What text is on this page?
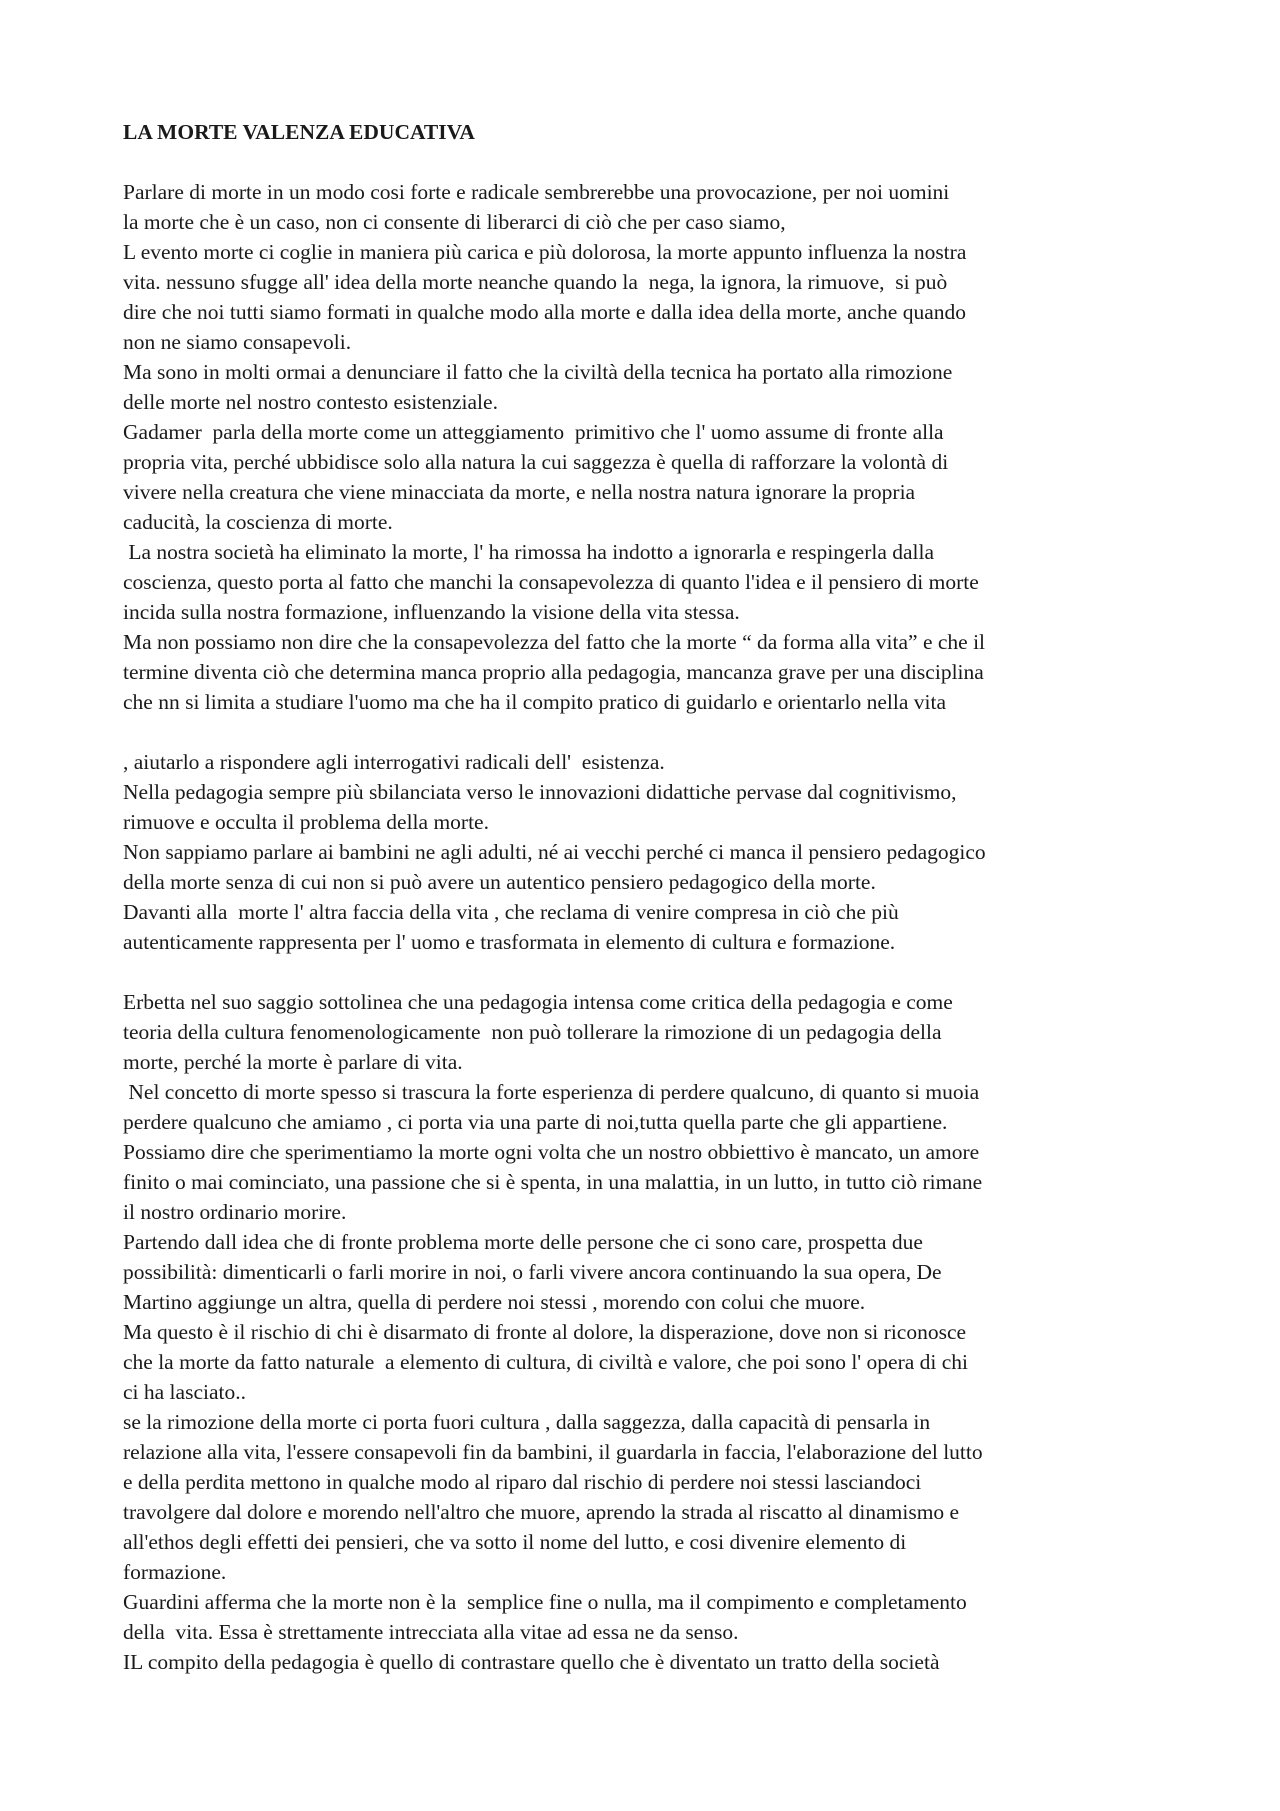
LA MORTE VALENZA EDUCATIVA
Parlare di morte in un modo cosi forte e radicale sembrerebbe una provocazione, per noi uomini
la morte che è un caso, non ci consente di liberarci di ciò che per caso siamo,
L evento morte ci coglie in maniera più carica e più dolorosa, la morte appunto influenza la nostra
vita. nessuno sfugge all' idea della morte neanche quando la  nega, la ignora, la rimuove,  si può
dire che noi tutti siamo formati in qualche modo alla morte e dalla idea della morte, anche quando
non ne siamo consapevoli.
Ma sono in molti ormai a denunciare il fatto che la civiltà della tecnica ha portato alla rimozione
delle morte nel nostro contesto esistenziale.
Gadamer  parla della morte come un atteggiamento  primitivo che l' uomo assume di fronte alla
propria vita, perché ubbidisce solo alla natura la cui saggezza è quella di rafforzare la volontà di
vivere nella creatura che viene minacciata da morte, e nella nostra natura ignorare la propria
caducità, la coscienza di morte.
La nostra società ha eliminato la morte, l' ha rimossa ha indotto a ignorarla e respingerla dalla
coscienza, questo porta al fatto che manchi la consapevolezza di quanto l'idea e il pensiero di morte
incida sulla nostra formazione, influenzando la visione della vita stessa.
Ma non possiamo non dire che la consapevolezza del fatto che la morte “ da forma alla vita” e che il
termine diventa ciò che determina manca proprio alla pedagogia, mancanza grave per una disciplina
che nn si limita a studiare l'uomo ma che ha il compito pratico di guidarlo e orientarlo nella vita
, aiutarlo a rispondere agli interrogativi radicali dell'  esistenza.
Nella pedagogia sempre più sbilanciata verso le innovazioni didattiche pervase dal cognitivismo,
rimuove e occulta il problema della morte.
Non sappiamo parlare ai bambini ne agli adulti, né ai vecchi perché ci manca il pensiero pedagogico
della morte senza di cui non si può avere un autentico pensiero pedagogico della morte.
Davanti alla  morte l' altra faccia della vita , che reclama di venire compresa in ciò che più
autenticamente rappresenta per l' uomo e trasformata in elemento di cultura e formazione.
Erbetta nel suo saggio sottolinea che una pedagogia intensa come critica della pedagogia e come
teoria della cultura fenomenologicamente  non può tollerare la rimozione di un pedagogia della
morte, perché la morte è parlare di vita.
Nel concetto di morte spesso si trascura la forte esperienza di perdere qualcuno, di quanto si muoia
perdere qualcuno che amiamo , ci porta via una parte di noi,tutta quella parte che gli appartiene.
Possiamo dire che sperimentiamo la morte ogni volta che un nostro obbiettivo è mancato, un amore
finito o mai cominciato, una passione che si è spenta, in una malattia, in un lutto, in tutto ciò rimane
il nostro ordinario morire.
Partendo dall idea che di fronte problema morte delle persone che ci sono care, prospetta due
possibilità: dimenticarli o farli morire in noi, o farli vivere ancora continuando la sua opera, De
Martino aggiunge un altra, quella di perdere noi stessi , morendo con colui che muore.
Ma questo è il rischio di chi è disarmato di fronte al dolore, la disperazione, dove non si riconosce
che la morte da fatto naturale  a elemento di cultura, di civiltà e valore, che poi sono l' opera di chi
ci ha lasciato..
se la rimozione della morte ci porta fuori cultura , dalla saggezza, dalla capacità di pensarla in
relazione alla vita, l'essere consapevoli fin da bambini, il guardarla in faccia, l'elaborazione del lutto
e della perdita mettono in qualche modo al riparo dal rischio di perdere noi stessi lasciandoci
travolgere dal dolore e morendo nell'altro che muore, aprendo la strada al riscatto al dinamismo e
all'ethos degli effetti dei pensieri, che va sotto il nome del lutto, e cosi divenire elemento di
formazione.
Guardini afferma che la morte non è la  semplice fine o nulla, ma il compimento e completamento
della  vita. Essa è strettamente intrecciata alla vitae ad essa ne da senso.
IL compito della pedagogia è quello di contrastare quello che è diventato un tratto della società
